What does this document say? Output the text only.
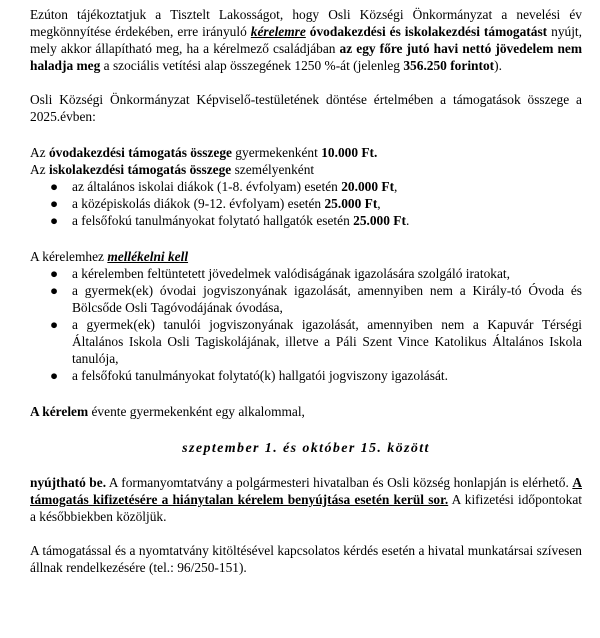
Ezúton tájékoztatjuk a Tisztelt Lakosságot, hogy Osli Községi Önkormányzat a nevelési év megkönnyítése érdekében, erre irányuló kérelemre óvodakezdési és iskolakezdési támogatást nyújt, mely akkor állapítható meg, ha a kérelmező családjában az egy főre jutó havi nettó jövedelem nem haladja meg a szociális vetítési alap összegének 1250 %-át (jelenleg 356.250 forintot).

Osli Községi Önkormányzat Képviselő-testületének döntése értelmében a támogatások összege a 2025.évben:

Az óvodakezdési támogatás összege gyermekenként 10.000 Ft.

Az iskolakezdési támogatás összege személyenként

● az általános iskolai diákok (1-8. évfolyam) esetén 20.000 Ft,
● a középiskolás diákok (9-12. évfolyam) esetén 25.000 Ft,
● a felsőfokú tanulmányokat folytató hallgatók esetén 25.000 Ft.

A kérelemhez mellékelni kell

● a kérelemben feltüntetett jövedelmek valódiságának igazolására szolgáló iratokat,
● a gyermek(ek) óvodai jogviszonyának igazolását, amennyiben nem a Király-tó Óvoda és Bölcsőde Osli Tagóvodájának óvodása,
● a gyermek(ek) tanulói jogviszonyának igazolását, amennyiben nem a Kapuvár Térségi Általános Iskola Osli Tagiskolájának, illetve a Páli Szent Vince Katolikus Általános Iskola tanulója,
● a felsőfokú tanulmányokat folytató(k) hallgatói jogviszony igazolását.

A kérelem évente gyermekenként egy alkalommal,

szeptember 1. és október 15. között

nyújtható be. A formanyomtatvány a polgármesteri hivatalban és Osli község honlapján is elérhető. A támogatás kifizetésére a hiánytalan kérelem benyújtása esetén kerül sor. A kifizetési időpontokat a későbbiekben közöljük.

A támogatással és a nyomtatvány kitöltésével kapcsolatos kérdés esetén a hivatal munkatársai szívesen állnak rendelkezésére (tel.: 96/250-151).
